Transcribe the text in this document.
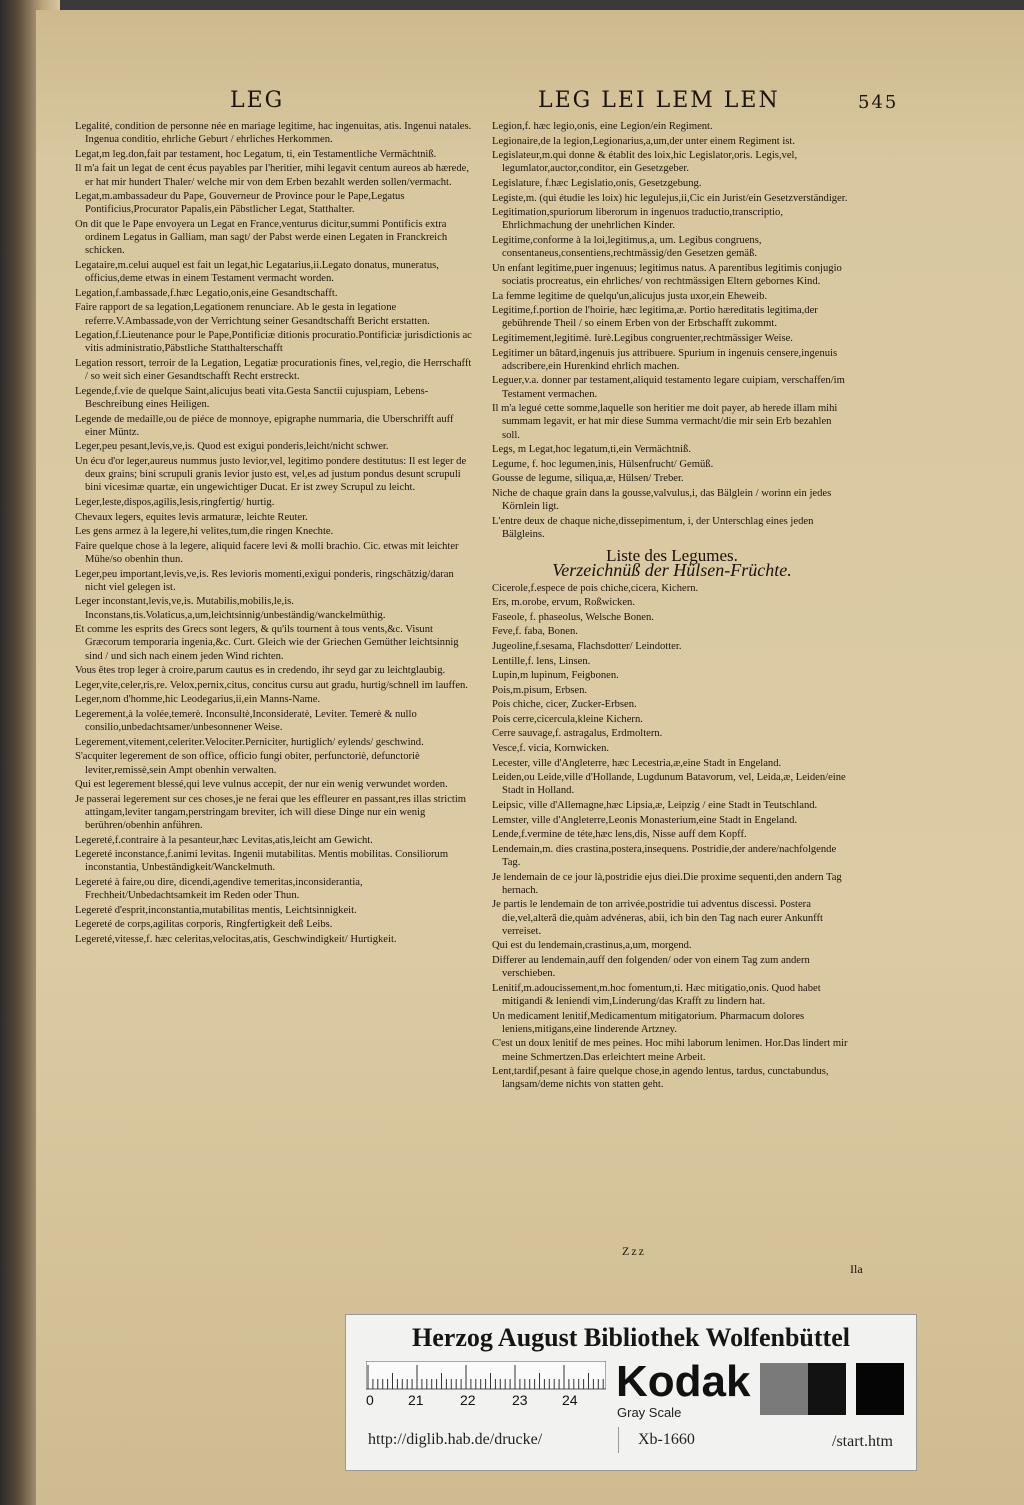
LEG	LEG LEI LEM LEN	545

Legalité, condition de personne née en mariage legitime, hac ingenuitas, atis. Ingenui natales. Ingenua conditio, ehrliche Geburt / ehrliches Herkommen.

Legat,m leg.don,fait par testament, hoc Legatum, ti, ein Testamentliche Vermächtniß.

Il m'a fait un legat de cent écus payables par l'heritier, mihi legavit centum aureos ab hærede, er hat mir hundert Thaler/ welche mir von dem Erben bezahlt werden sollen/vermacht.

Legat,m.ambassadeur du Pape, Gouverneur de Province pour le Pape,Legatus Pontificius,Procurator Papalis,ein Päbstlicher Legat, Statthalter.

On dit que le Pape envoyera un Legat en France,venturus dicitur,summi Pontificis extra ordinem Legatus in Galliam, man sagt/ der Pabst werde einen Legaten in Franckreich schicken.

Legataire,m.celui auquel est fait un legat,hic Legatarius,ii.Legato donatus, muneratus, officius,deme etwas in einem Testament vermacht worden.

Legation,f.ambassade,f.hæc Legatio,onis,eine Gesandtschafft.

Faire rapport de sa legation,Legationem renunciare. Ab le gesta in legatione referre.V.Ambassade,von der Verrichtung seiner Gesandtschafft Bericht erstatten.

Legation,f.Lieutenance pour le Pape,Pontificiæ ditionis procuratio.Pontificiæ jurisdictionis ac vitis administratio,Päbstliche Statthalterschafft

Legation ressort, terroir de la Legation, Legatiæ procurationis fines, vel,regio, die Herrschafft / so weit sich einer Gesandtschafft Recht erstreckt.

Legende,f.vie de quelque Saint,alicujus beati vita.Gesta Sanctii cujuspiam, Lebens-Beschreibung eines Heiligen.

Legende de medaille,ou de piéce de monnoye, epigraphe nummaria, die Uberschrifft auff einer Müntz.

Leger,peu pesant,levis,ve,is. Quod est exigui ponderis,leicht/nicht schwer.

Un écu d'or leger,aureus nummus justo levior,vel, legitimo pondere destitutus: Il est leger de deux grains; bini scrupuli granis levior justo est, vel,es ad justum pondus desunt scrupuli bini vicesimæ quartæ, ein ungewichtiger Ducat. Er ist zwey Scrupul zu leicht.

Leger,leste,dispos,agilis,lesis,ringfertig/ hurtig.

Chevaux legers, equites levis armaturæ, leichte Reuter.

Les gens armez à la legere,hi velites,tum,die ringen Knechte.

Faire quelque chose à la legere, aliquid facere levi & molli brachio. Cic. etwas mit leichter Mühe/so obenhin thun.

Leger,peu important,levis,ve,is. Res levioris momenti,exigui ponderis, ringschätzig/daran nicht viel gelegen ist.

Leger inconstant,levis,ve,is. Mutabilis,mobilis,le,is. Inconstans,tis.Volaticus,a,um,leichtsinnig/unbeständig/wanckelmüthig.

Et comme les esprits des Grecs sont legers, & qu'ils tournent à tous vents,&c. Visunt Græcorum temporaria ingenia,&c. Curt. Gleich wie der Griechen Gemüther leichtsinnig sind / und sich nach einem jeden Wind richten.

Vous êtes trop leger à croire,parum cautus es in credendo, ihr seyd gar zu leichtglaubig.

Leger,vite,celer,ris,re. Velox,pernix,citus, concitus cursu aut gradu, hurtig/schnell im lauffen.

Leger,nom d'homme,hic Leodegarius,ii,ein Manns-Name.

Legerement,à la volée,temerè. Inconsultè,Inconsideratè, Leviter. Temerè & nullo consilio,unbedachtsamer/unbesonnener Weise.

Legerement,vitement,celeriter.Velociter.Perniciter, hurtiglich/ eylends/ geschwind.

S'acquiter legerement de son office, officio fungi obiter, perfunctoriè, defunctoriè leviter,remissè,sein Ampt obenhin verwalten.

Qui est legerement blessé,qui leve vulnus accepit, der nur ein wenig verwundet worden.

Je passerai legerement sur ces choses,je ne ferai que les effleurer en passant,res illas strictim attingam,leviter tangam,perstringam breviter, ich will diese Dinge nur ein wenig berühren/obenhin anführen.

Legereté,f.contraire à la pesanteur,hæc Levitas,atis,leicht am Gewicht.

Legereté inconstance,f.animi levitas. Ingenii mutabilitas. Mentis mobilitas. Consiliorum inconstantia, Unbeständigkeit/Wanckelmuth.

Legereté à faire,ou dire, dicendi,agendive temeritas,inconsiderantia, Frechheit/Unbedachtsamkeit im Reden oder Thun.

Legereté d'esprit,inconstantia,mutabilitas mentis, Leichtsinnigkeit.

Legereté de corps,agilitas corporis, Ringfertigkeit deß Leibs.

Legereté,vitesse,f. hæc celeritas,velocitas,atis, Geschwindigkeit/ Hurtigkeit.

Legion,f. hæc legio,onis, eine Legion/ein Regiment.

Legionaire,de la legion,Legionarius,a,um,der unter einem Regiment ist.

Legislateur,m.qui donne & établit des loix,hic Legislator,oris. Legis,vel, legumlator,auctor,conditor, ein Gesetzgeber.

Legislature, f.hæc Legislatio,onis, Gesetzgebung.

Legiste,m. (qui étudie les loix) hic legulejus,ii,Cic ein Jurist/ein Gesetzverständiger.

Legitimation,spuriorum liberorum in ingenuos traductio,transcriptio, Ehrlichmachung der unehrlichen Kinder.

Legitime,conforme à la loi,legitimus,a, um. Legibus congruens, consentaneus,consentiens,rechtmässig/den Gesetzen gemäß.

Un enfant legitime,puer ingenuus; legitimus natus. A parentibus legitimis conjugio sociatis procreatus, ein ehrliches/ von rechtmässigen Eltern gebornes Kind.

La femme legitime de quelqu'un,alicujus justa uxor,ein Eheweib.

Legitime,f.portion de l'hoirie, hæc legitima,æ. Portio hæreditatis legitima,der gebührende Theil / so einem Erben von der Erbschafft zukommt.

Legitimement,legitimè. Iurè.Legibus congruenter,rechtmässiger Weise.

Legitimer un bâtard,ingenuis jus attribuere. Spurium in ingenuis censere,ingenuis adscribere,ein Hurenkind ehrlich machen.

Leguer,v.a. donner par testament,aliquid testamento legare cuipiam, verschaffen/im Testament vermachen.

Il m'a legué cette somme,laquelle son heritier me doit payer, ab herede illam mihi summam legavit, er hat mir diese Summa vermacht/die mir sein Erb bezahlen soll.

Legs, m Legat,hoc legatum,ti,ein Vermächtniß.

Legume, f. hoc legumen,inis, Hülsenfrucht/ Gemüß.

Gousse de legume, siliqua,æ, Hülsen/ Treber.

Niche de chaque grain dans la gousse,valvulus,i, das Bälglein / worinn ein jedes Körnlein ligt.

L'entre deux de chaque niche,dissepimentum, i, der Unterschlag eines jeden Bälgleins.

Liste des Legumes.
Verzeichnüß der Hülsen-Früchte.

Cicerole,f.espece de pois chiche,cicera, Kichern.

Ers, m.orobe, ervum, Roßwicken.

Faseole, f. phaseolus, Welsche Bonen.

Feve,f. faba, Bonen.

Jugeoline,f.sesama, Flachsdotter/ Leindotter.

Lentille,f. lens, Linsen.

Lupin,m lupinum, Feigbonen.

Pois,m.pisum, Erbsen.

Pois chiche, cicer, Zucker-Erbsen.

Pois cerre,cicercula,kleine Kichern.

Cerre sauvage,f. astragalus, Erdmoltern.

Vesce,f. vicia, Kornwicken.

Lecester, ville d'Angleterre, hæc Lecestria,æ,eine Stadt in Engeland.

Leiden,ou Leide,ville d'Hollande, Lugdunum Batavorum, vel, Leida,æ, Leiden/eine Stadt in Holland.

Leipsic, ville d'Allemagne,hæc Lipsia,æ, Leipzig / eine Stadt in Teutschland.

Lemster, ville d'Angleterre,Leonis Monasterium,eine Stadt in Engeland.

Lende,f.vermine de téte,hæc lens,dis, Nisse auff dem Kopff.

Lendemain,m. dies crastina,postera,insequens. Postridie,der andere/nachfolgende Tag.

Je lendemain de ce jour là,postridie ejus diei.Die proxime sequenti,den andern Tag hernach.

Je partis le lendemain de ton arrivée,postridie tui adventus discessi. Postera die,vel,alterâ die,quàm advéneras, abii, ich bin den Tag nach eurer Ankunfft verreiset.

Qui est du lendemain,crastinus,a,um, morgend.

Differer au lendemain,auff den folgenden/ oder von einem Tag zum andern verschieben.

Lenitif,m.adoucissement,m.hoc fomentum,ti. Hæc mitigatio,onis. Quod habet mitigandi & leniendi vim,Linderung/das Krafft zu lindern hat.

Un medicament lenitif,Medicamentum mitigatorium. Pharmacum dolores leniens,mitigans,eine linderende Artzney.

C'est un doux lenitif de mes peines. Hoc mihi laborum lenimen. Hor.Das lindert mir meine Schmertzen.Das erleichtert meine Arbeit.

Lent,tardif,pesant à faire quelque chose,in agendo lentus, tardus, cunctabundus, langsam/deme nichts von statten geht.

Zzz
Ila
Herzog August Bibliothek Wolfenbüttel
0 21	22	23 24 Kodak
Gray Scale
http://diglib.hab.de/drucke/	Xb-1660	/start.htm
